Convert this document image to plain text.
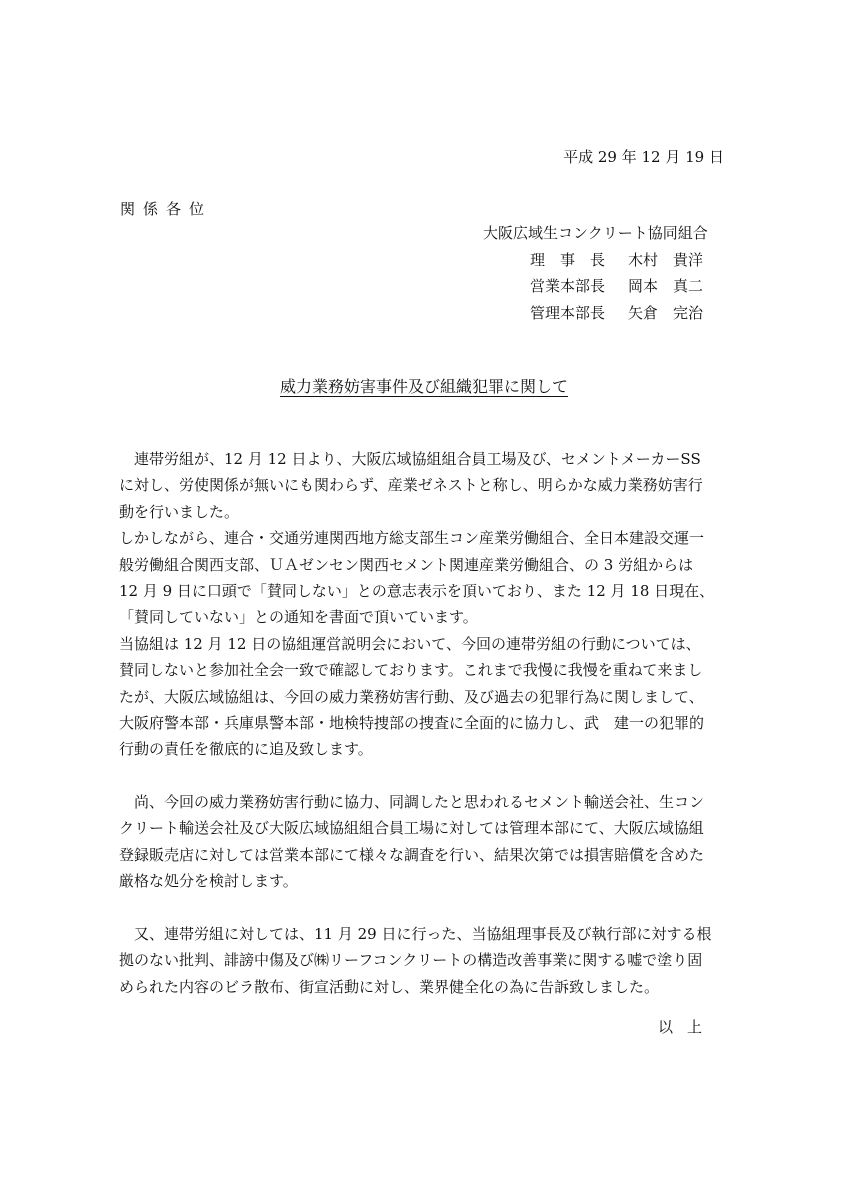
平成 29 年 12 月 19 日
関係各位
大阪広域生コンクリート協同組合
理　事　長 木村　貴洋
営業本部長 岡本　真二
管理本部長 矢倉　完治
威力業務妨害事件及び組織犯罪に関して
　連帯労組が、12 月 12 日より、大阪広域協組組合員工場及び、セメントメーカーSS
に対し、労使関係が無いにも関わらず、産業ゼネストと称し、明らかな威力業務妨害行
動を行いました。
しかしながら、連合・交通労連関西地方総支部生コン産業労働組合、全日本建設交運一
般労働組合関西支部、ＵＡゼンセン関西セメント関連産業労働組合、の 3 労組からは
12 月 9 日に口頭で「賛同しない」との意志表示を頂いており、また 12 月 18 日現在、
「賛同していない」との通知を書面で頂いています。
当協組は 12 月 12 日の協組運営説明会において、今回の連帯労組の行動については、
賛同しないと参加社全会一致で確認しております。これまで我慢に我慢を重ねて来まし
たが、大阪広域協組は、今回の威力業務妨害行動、及び過去の犯罪行為に関しまして、
大阪府警本部・兵庫県警本部・地検特捜部の捜査に全面的に協力し、武　建一の犯罪的
行動の責任を徹底的に追及致します。
　尚、今回の威力業務妨害行動に協力、同調したと思われるセメント輸送会社、生コン
クリート輸送会社及び大阪広域協組組合員工場に対しては管理本部にて、大阪広域協組
登録販売店に対しては営業本部にて様々な調査を行い、結果次第では損害賠償を含めた
厳格な処分を検討します。
　又、連帯労組に対しては、11 月 29 日に行った、当協組理事長及び執行部に対する根
拠のない批判、誹謗中傷及び㈱リーフコンクリートの構造改善事業に関する嘘で塗り固
められた内容のビラ散布、街宣活動に対し、業界健全化の為に告訴致しました。
以上
